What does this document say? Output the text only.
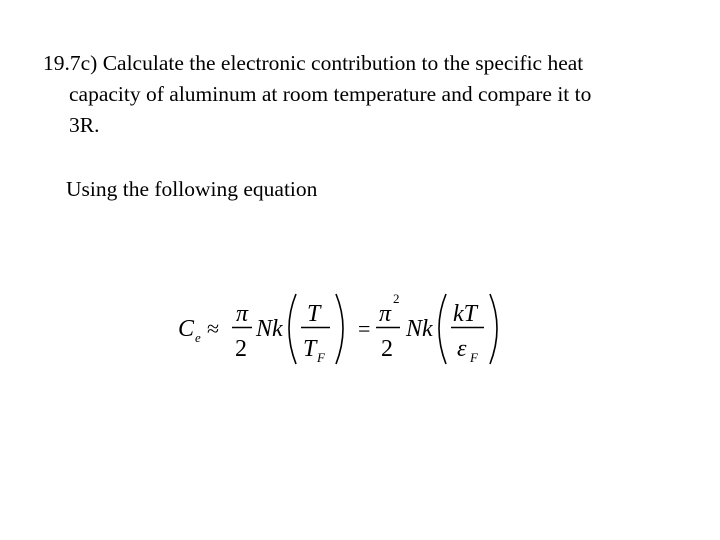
19.7c) Calculate the electronic contribution to the specific heat
capacity of aluminum at room temperature and compare it to
3R.

Using the following equation

C e ≈
π
2
Nk
T
T F
=
π
2
2
Nk
kT
ε F
